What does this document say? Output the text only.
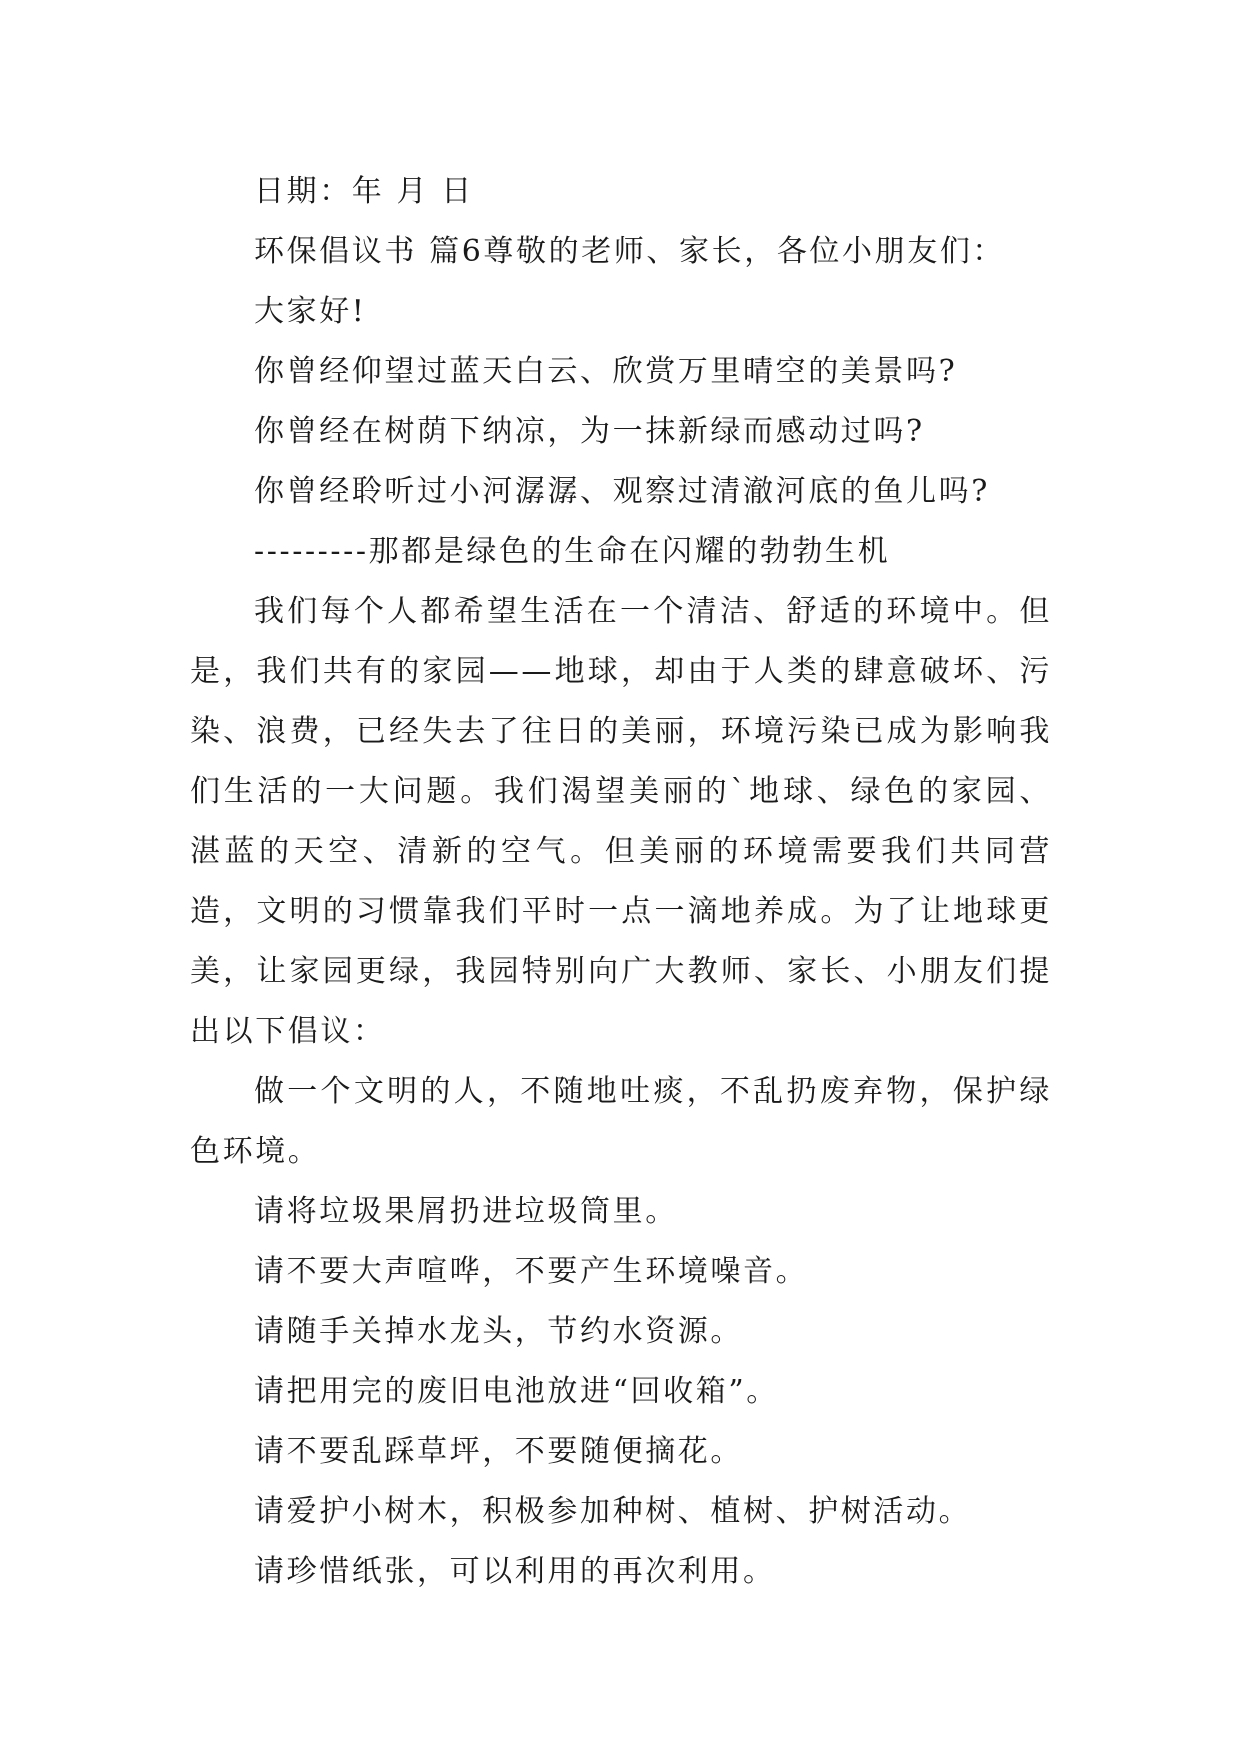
日期：年 月 日

环保倡议书 篇6尊敬的老师、家长，各位小朋友们：

大家好!

你曾经仰望过蓝天白云、欣赏万里晴空的美景吗?

你曾经在树荫下纳凉，为一抹新绿而感动过吗?

你曾经聆听过小河潺潺、观察过清澈河底的鱼儿吗?

---------那都是绿色的生命在闪耀的勃勃生机

我们每个人都希望生活在一个清洁、舒适的环境中。但是，我们共有的家园——地球，却由于人类的肆意破坏、污染、浪费，已经失去了往日的美丽，环境污染已成为影响我们生活的一大问题。我们渴望美丽的`地球、绿色的家园、湛蓝的天空、清新的空气。但美丽的环境需要我们共同营造，文明的习惯靠我们平时一点一滴地养成。为了让地球更美，让家园更绿，我园特别向广大教师、家长、小朋友们提出以下倡议：

做一个文明的人，不随地吐痰，不乱扔废弃物，保护绿色环境。

请将垃圾果屑扔进垃圾筒里。

请不要大声喧哗，不要产生环境噪音。

请随手关掉水龙头，节约水资源。

请把用完的废旧电池放进“回收箱”。

请不要乱踩草坪，不要随便摘花。

请爱护小树木，积极参加种树、植树、护树活动。

请珍惜纸张，可以利用的再次利用。
